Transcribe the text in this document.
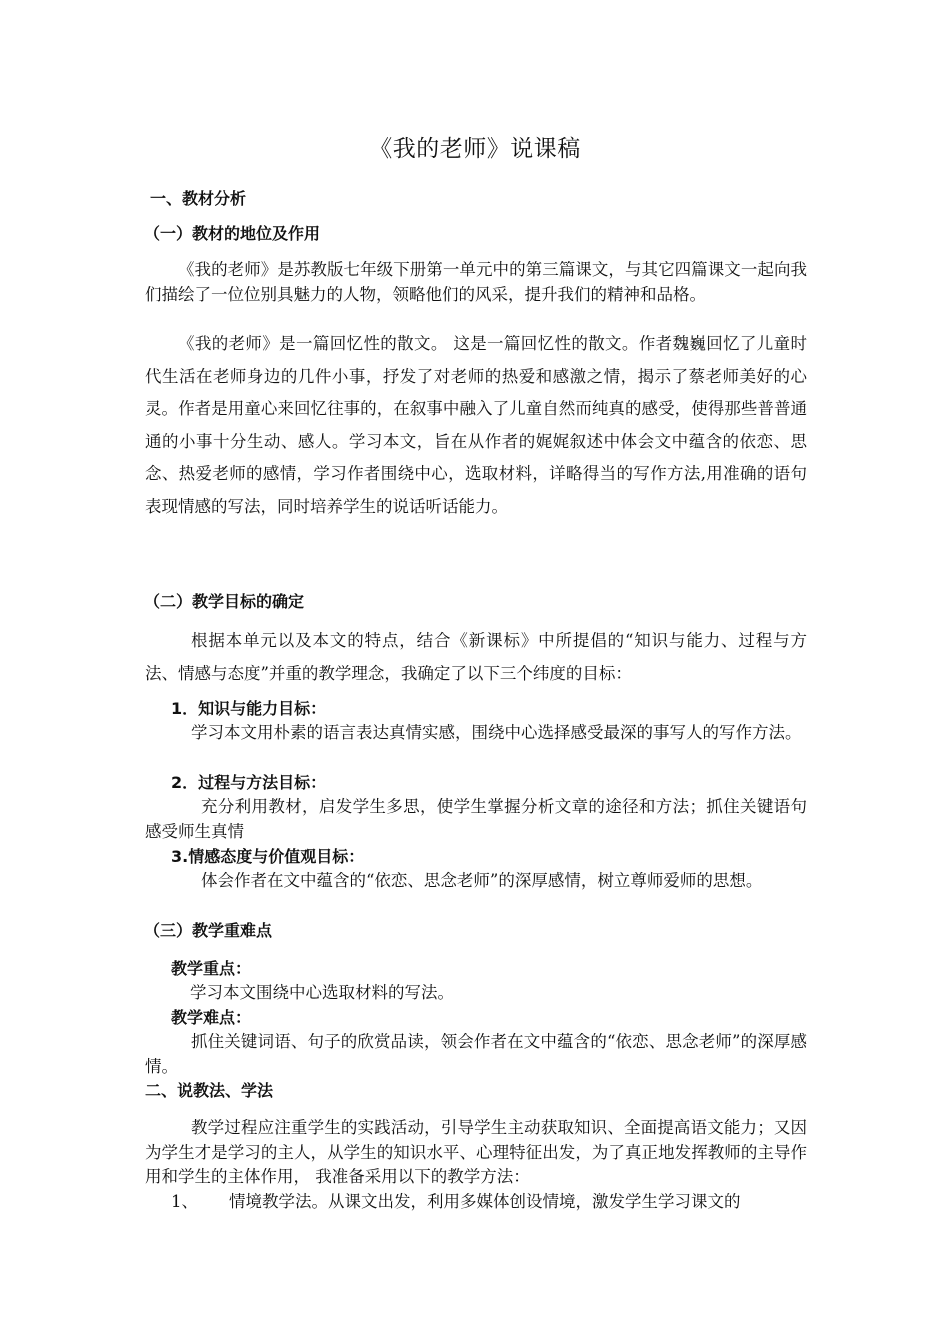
《我的老师》说课稿
一、教材分析
（一）教材的地位及作用

《我的老师》是苏教版七年级下册第一单元中的第三篇课文，与其它四篇课文一起向我们描绘了一位位别具魅力的人物，领略他们的风采，提升我们的精神和品格。

《我的老师》是一篇回忆性的散文。 这是一篇回忆性的散文。作者魏巍回忆了儿童时代生活在老师身边的几件小事，抒发了对老师的热爱和感激之情，揭示了蔡老师美好的心灵。作者是用童心来回忆往事的，在叙事中融入了儿童自然而纯真的感受，使得那些普普通通的小事十分生动、感人。学习本文，旨在从作者的娓娓叙述中体会文中蕴含的依恋、思念、热爱老师的感情，学习作者围绕中心，选取材料，详略得当的写作方法,用准确的语句表现情感的写法，同时培养学生的说话听话能力。

（二）教学目标的确定

根据本单元以及本文的特点，结合《新课标》中所提倡的“知识与能力、过程与方法、情感与态度”并重的教学理念，我确定了以下三个纬度的目标：

1．知识与能力目标：

学习本文用朴素的语言表达真情实感，围绕中心选择感受最深的事写人的写作方法。

2．过程与方法目标：

充分利用教材，启发学生多思，使学生掌握分析文章的途径和方法；抓住关键语句感受师生真情

3.情感态度与价值观目标：

体会作者在文中蕴含的“依恋、思念老师”的深厚感情，树立尊师爱师的思想。

（三）教学重难点
教学重点：

学习本文围绕中心选取材料的写法。

教学难点：

抓住关键词语、句子的欣赏品读，领会作者在文中蕴含的“依恋、思念老师”的深厚感情。

二、说教法、学法

教学过程应注重学生的实践活动，引导学生主动获取知识、全面提高语文能力；又因为学生才是学习的主人，从学生的知识水平、心理特征出发，为了真正地发挥教师的主导作用和学生的主体作用， 我准备采用以下的教学方法：

1、 情境教学法。从课文出发，利用多媒体创设情境，激发学生学习课文的
